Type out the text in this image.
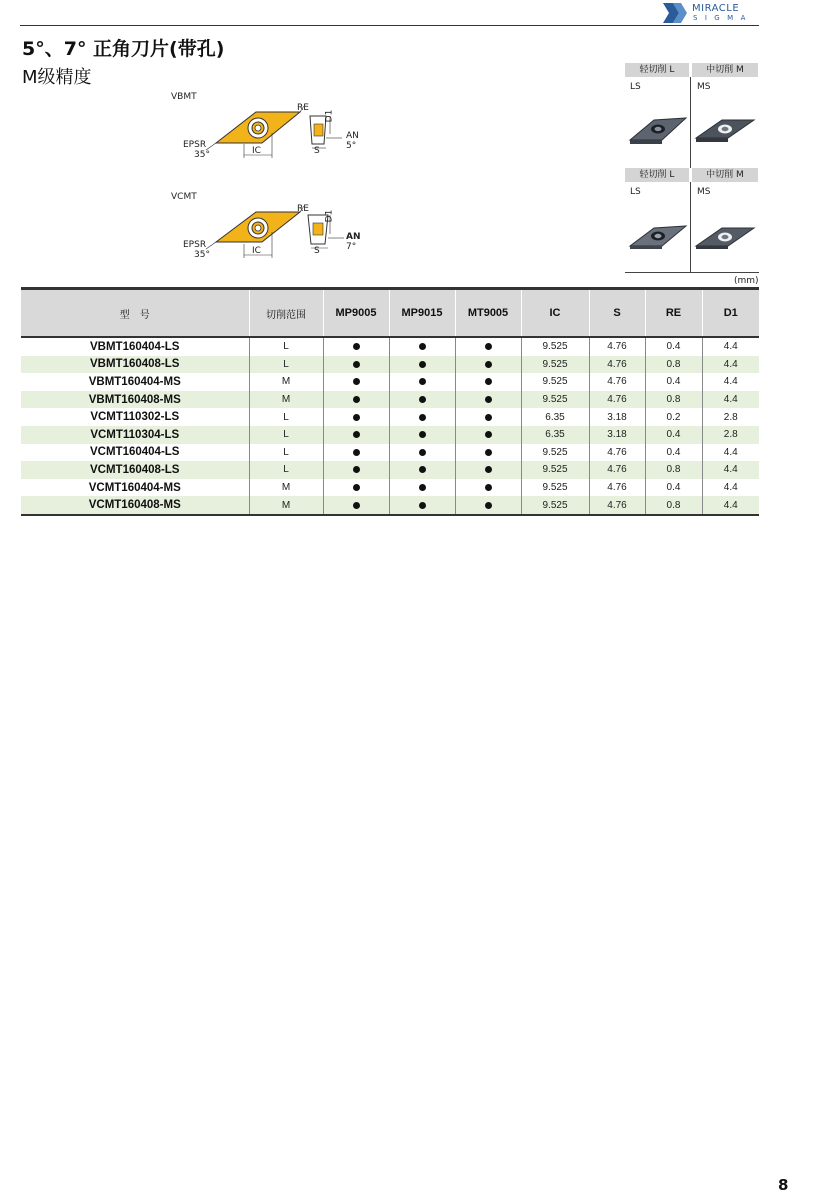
MIRACLE
SIGMA
5°、7° 正角刀片(带孔)
M级精度
VBMT
RE
D1
AN
5°
EPSR
35°	IC	S
VCMT
RE
D1
AN
7°
EPSR
35°	IC	S
轻切削 L	中切削 M
LS	MS
轻切削 L	中切削 M
LS	MS
(mm)
型　号	切削范围	MP9005	MP9015	MT9005	IC	S	RE	D1
VBMT160404-LS	L				9.525	4.76	0.4	4.4
VBMT160408-LS	L				9.525	4.76	0.8	4.4
VBMT160404-MS	M				9.525	4.76	0.4	4.4
VBMT160408-MS	M				9.525	4.76	0.8	4.4
VCMT110302-LS	L				6.35	3.18	0.2	2.8
VCMT110304-LS	L				6.35	3.18	0.4	2.8
VCMT160404-LS	L				9.525	4.76	0.4	4.4
VCMT160408-LS	L				9.525	4.76	0.8	4.4
VCMT160404-MS	M				9.525	4.76	0.4	4.4
VCMT160408-MS	M				9.525	4.76	0.8	4.4
8
